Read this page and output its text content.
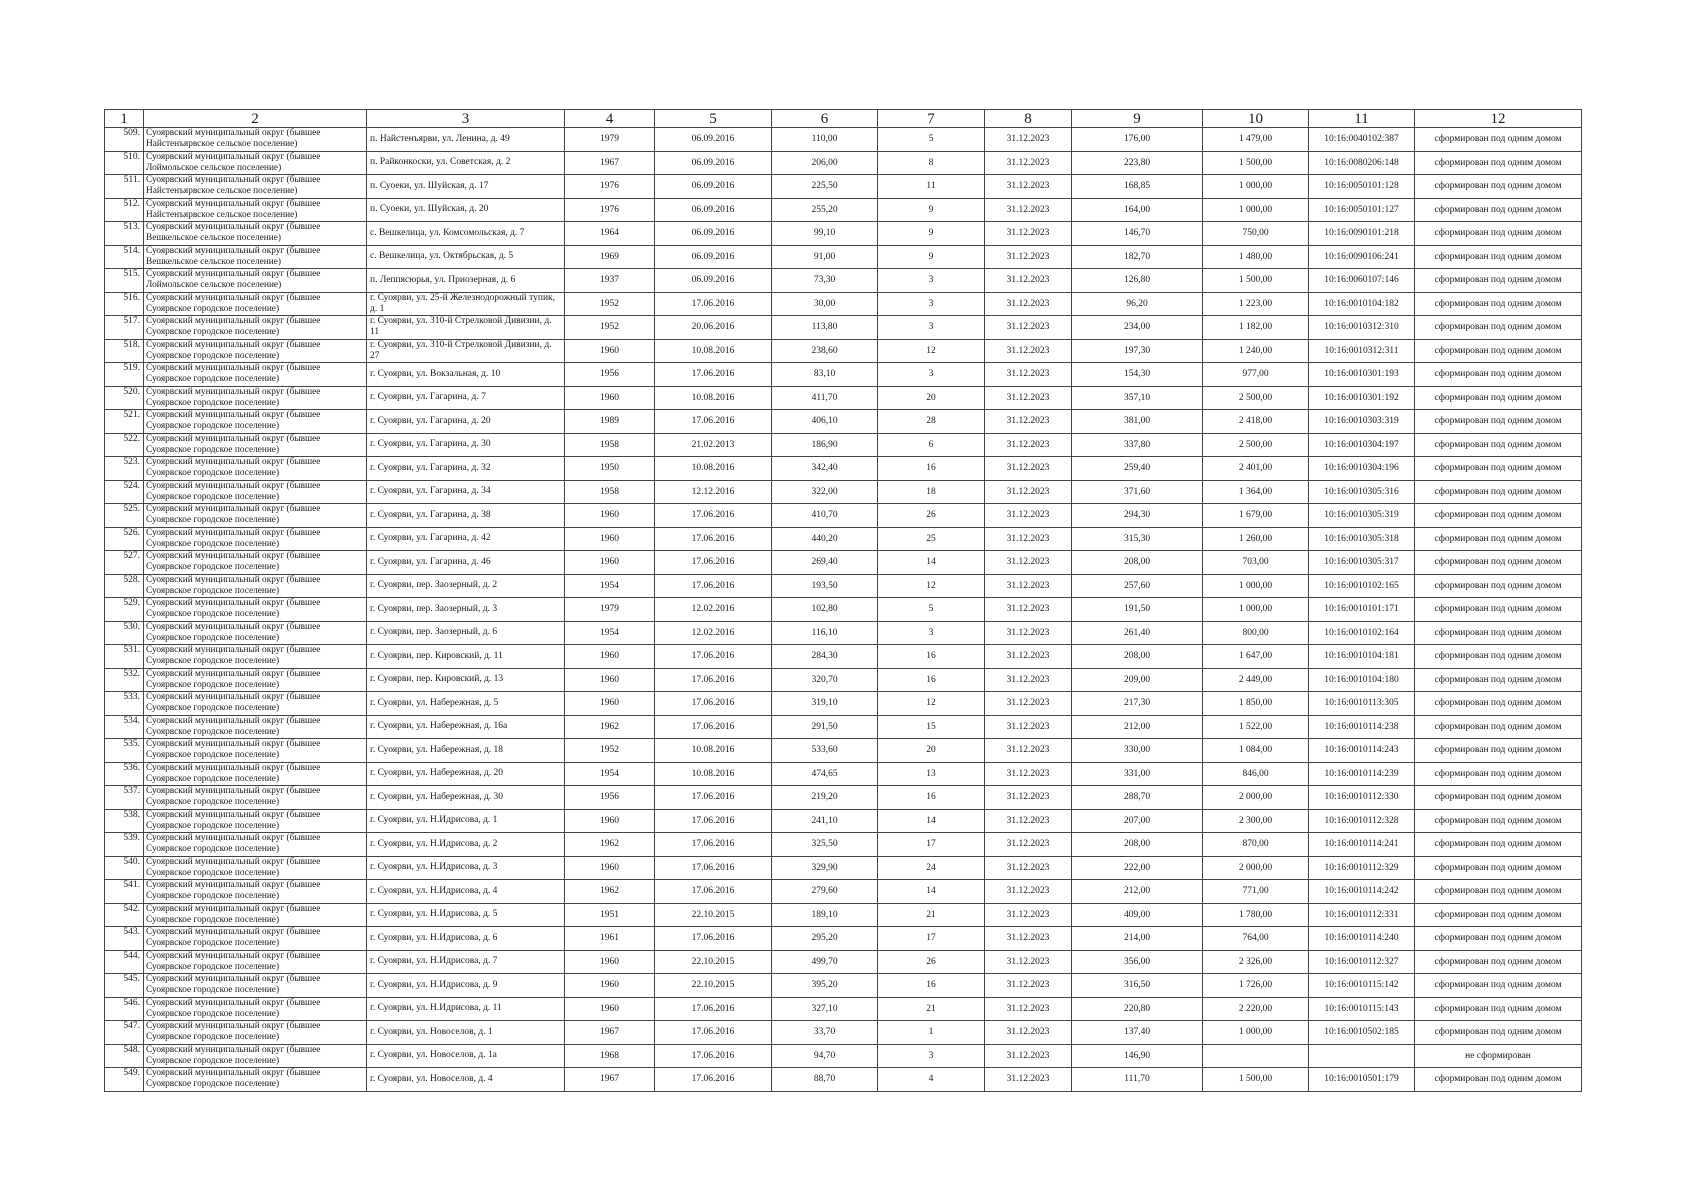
1	2	3	4	5	6	7	8	9	10	11	12
509.	Суоярвский муниципальный округ (бывшее Найстенъярвское сельское поселение)	п. Найстенъярви, ул. Ленина, д. 49	1979	06.09.2016	110,00	5	31.12.2023	176,00	1 479,00	10:16:0040102:387	сформирован под одним домом
510.	Суоярвский муниципальный округ (бывшее Лоймольское сельское поселение)	п. Райконкоски, ул. Советская, д. 2	1967	06.09.2016	206,00	8	31.12.2023	223,80	1 500,00	10:16:0080206:148	сформирован под одним домом
511.	Суоярвский муниципальный округ (бывшее Найстенъярвское сельское поселение)	п. Суоеки, ул. Шуйская, д. 17	1976	06.09.2016	225,50	11	31.12.2023	168,85	1 000,00	10:16:0050101:128	сформирован под одним домом
512.	Суоярвский муниципальный округ (бывшее Найстенъярвское сельское поселение)	п. Суоеки, ул. Шуйская, д. 20	1976	06.09.2016	255,20	9	31.12.2023	164,00	1 000,00	10:16:0050101:127	сформирован под одним домом
513.	Суоярвский муниципальный округ (бывшее Вешкельское сельское поселение)	с. Вешкелица, ул. Комсомольская, д. 7	1964	06.09.2016	99,10	9	31.12.2023	146,70	750,00	10:16:0090101:218	сформирован под одним домом
514.	Суоярвский муниципальный округ (бывшее Вешкельское сельское поселение)	с. Вешкелица, ул. Октябрьская, д. 5	1969	06.09.2016	91,00	9	31.12.2023	182,70	1 480,00	10:16:0090106:241	сформирован под одним домом
515.	Суоярвский муниципальный округ (бывшее Лоймольское сельское поселение)	п. Леппясюрья, ул. Приозерная, д. 6	1937	06.09.2016	73,30	3	31.12.2023	126,80	1 500,00	10:16:0060107:146	сформирован под одним домом
516.	Суоярвский муниципальный округ (бывшее Суоярвское городское поселение)	г. Суоярви, ул. 25-й Железнодорожный тупик, д. 1	1952	17.06.2016	30,00	3	31.12.2023	96,20	1 223,00	10:16:0010104:182	сформирован под одним домом
517.	Суоярвский муниципальный округ (бывшее Суоярвское городское поселение)	г. Суоярви, ул. 310-й Стрелковой Дивизии, д. 11	1952	20.06.2016	113,80	3	31.12.2023	234,00	1 182,00	10:16:0010312:310	сформирован под одним домом
518.	Суоярвский муниципальный округ (бывшее Суоярвское городское поселение)	г. Суоярви, ул. 310-й Стрелковой Дивизии, д. 27	1960	10.08.2016	238,60	12	31.12.2023	197,30	1 240,00	10:16:0010312:311	сформирован под одним домом
519.	Суоярвский муниципальный округ (бывшее Суоярвское городское поселение)	г. Суоярви, ул. Вокзальная, д. 10	1956	17.06.2016	83,10	3	31.12.2023	154,30	977,00	10:16:0010301:193	сформирован под одним домом
520.	Суоярвский муниципальный округ (бывшее Суоярвское городское поселение)	г. Суоярви, ул. Гагарина, д. 7	1960	10.08.2016	411,70	20	31.12.2023	357,10	2 500,00	10:16:0010301:192	сформирован под одним домом
521.	Суоярвский муниципальный округ (бывшее Суоярвское городское поселение)	г. Суоярви, ул. Гагарина, д. 20	1989	17.06.2016	406,10	28	31.12.2023	381,00	2 418,00	10:16:0010303:319	сформирован под одним домом
522.	Суоярвский муниципальный округ (бывшее Суоярвское городское поселение)	г. Суоярви, ул. Гагарина, д. 30	1958	21.02.2013	186,90	6	31.12.2023	337,80	2 500,00	10:16:0010304:197	сформирован под одним домом
523.	Суоярвский муниципальный округ (бывшее Суоярвское городское поселение)	г. Суоярви, ул. Гагарина, д. 32	1950	10.08.2016	342,40	16	31.12.2023	259,40	2 401,00	10:16:0010304:196	сформирован под одним домом
524.	Суоярвский муниципальный округ (бывшее Суоярвское городское поселение)	г. Суоярви, ул. Гагарина, д. 34	1958	12.12.2016	322,00	18	31.12.2023	371,60	1 364,00	10:16:0010305:316	сформирован под одним домом
525.	Суоярвский муниципальный округ (бывшее Суоярвское городское поселение)	г. Суоярви, ул. Гагарина, д. 38	1960	17.06.2016	410,70	26	31.12.2023	294,30	1 679,00	10:16:0010305:319	сформирован под одним домом
526.	Суоярвский муниципальный округ (бывшее Суоярвское городское поселение)	г. Суоярви, ул. Гагарина, д. 42	1960	17.06.2016	440,20	25	31.12.2023	315,30	1 260,00	10:16:0010305:318	сформирован под одним домом
527.	Суоярвский муниципальный округ (бывшее Суоярвское городское поселение)	г. Суоярви, ул. Гагарина, д. 46	1960	17.06.2016	269,40	14	31.12.2023	208,00	703,00	10:16:0010305:317	сформирован под одним домом
528.	Суоярвский муниципальный округ (бывшее Суоярвское городское поселение)	г. Суоярви, пер. Заозерный, д. 2	1954	17.06.2016	193,50	12	31.12.2023	257,60	1 000,00	10:16:0010102:165	сформирован под одним домом
529.	Суоярвский муниципальный округ (бывшее Суоярвское городское поселение)	г. Суоярви, пер. Заозерный, д. 3	1979	12.02.2016	102,80	5	31.12.2023	191,50	1 000,00	10:16:0010101:171	сформирован под одним домом
530.	Суоярвский муниципальный округ (бывшее Суоярвское городское поселение)	г. Суоярви, пер. Заозерный, д. 6	1954	12.02.2016	116,10	3	31.12.2023	261,40	800,00	10:16:0010102:164	сформирован под одним домом
531.	Суоярвский муниципальный округ (бывшее Суоярвское городское поселение)	г. Суоярви, пер. Кировский, д. 11	1960	17.06.2016	284,30	16	31.12.2023	208,00	1 647,00	10:16:0010104:181	сформирован под одним домом
532.	Суоярвский муниципальный округ (бывшее Суоярвское городское поселение)	г. Суоярви, пер. Кировский, д. 13	1960	17.06.2016	320,70	16	31.12.2023	209,00	2 449,00	10:16:0010104:180	сформирован под одним домом
533.	Суоярвский муниципальный округ (бывшее Суоярвское городское поселение)	г. Суоярви, ул. Набережная, д. 5	1960	17.06.2016	319,10	12	31.12.2023	217,30	1 850,00	10:16:0010113:305	сформирован под одним домом
534.	Суоярвский муниципальный округ (бывшее Суоярвское городское поселение)	г. Суоярви, ул. Набережная, д. 16а	1962	17.06.2016	291,50	15	31.12.2023	212,00	1 522,00	10:16:0010114:238	сформирован под одним домом
535.	Суоярвский муниципальный округ (бывшее Суоярвское городское поселение)	г. Суоярви, ул. Набережная, д. 18	1952	10.08.2016	533,60	20	31.12.2023	330,00	1 084,00	10:16:0010114:243	сформирован под одним домом
536.	Суоярвский муниципальный округ (бывшее Суоярвское городское поселение)	г. Суоярви, ул. Набережная, д. 20	1954	10.08.2016	474,65	13	31.12.2023	331,00	846,00	10:16:0010114:239	сформирован под одним домом
537.	Суоярвский муниципальный округ (бывшее Суоярвское городское поселение)	г. Суоярви, ул. Набережная, д. 30	1956	17.06.2016	219,20	16	31.12.2023	288,70	2 000,00	10:16:0010112:330	сформирован под одним домом
538.	Суоярвский муниципальный округ (бывшее Суоярвское городское поселение)	г. Суоярви, ул. Н.Идрисова, д. 1	1960	17.06.2016	241,10	14	31.12.2023	207,00	2 300,00	10:16:0010112:328	сформирован под одним домом
539.	Суоярвский муниципальный округ (бывшее Суоярвское городское поселение)	г. Суоярви, ул. Н.Идрисова, д. 2	1962	17.06.2016	325,50	17	31.12.2023	208,00	870,00	10:16:0010114:241	сформирован под одним домом
540.	Суоярвский муниципальный округ (бывшее Суоярвское городское поселение)	г. Суоярви, ул. Н.Идрисова, д. 3	1960	17.06.2016	329,90	24	31.12.2023	222,00	2 000,00	10:16:0010112:329	сформирован под одним домом
541.	Суоярвский муниципальный округ (бывшее Суоярвское городское поселение)	г. Суоярви, ул. Н.Идрисова, д. 4	1962	17.06.2016	279,60	14	31.12.2023	212,00	771,00	10:16:0010114:242	сформирован под одним домом
542.	Суоярвский муниципальный округ (бывшее Суоярвское городское поселение)	г. Суоярви, ул. Н.Идрисова, д. 5	1951	22.10.2015	189,10	21	31.12.2023	409,00	1 780,00	10:16:0010112:331	сформирован под одним домом
543.	Суоярвский муниципальный округ (бывшее Суоярвское городское поселение)	г. Суоярви, ул. Н.Идрисова, д. 6	1961	17.06.2016	295,20	17	31.12.2023	214,00	764,00	10:16:0010114:240	сформирован под одним домом
544.	Суоярвский муниципальный округ (бывшее Суоярвское городское поселение)	г. Суоярви, ул. Н.Идрисова, д. 7	1960	22.10.2015	499,70	26	31.12.2023	356,00	2 326,00	10:16:0010112:327	сформирован под одним домом
545.	Суоярвский муниципальный округ (бывшее Суоярвское городское поселение)	г. Суоярви, ул. Н.Идрисова, д. 9	1960	22.10.2015	395,20	16	31.12.2023	316,50	1 726,00	10:16:0010115:142	сформирован под одним домом
546.	Суоярвский муниципальный округ (бывшее Суоярвское городское поселение)	г. Суоярви, ул. Н.Идрисова, д. 11	1960	17.06.2016	327,10	21	31.12.2023	220,80	2 220,00	10:16:0010115:143	сформирован под одним домом
547.	Суоярвский муниципальный округ (бывшее Суоярвское городское поселение)	г. Суоярви, ул. Новоселов, д. 1	1967	17.06.2016	33,70	1	31.12.2023	137,40	1 000,00	10:16:0010502:185	сформирован под одним домом
548.	Суоярвский муниципальный округ (бывшее Суоярвское городское поселение)	г. Суоярви, ул. Новоселов, д. 1а	1968	17.06.2016	94,70	3	31.12.2023	146,90			не сформирован
549.	Суоярвский муниципальный округ (бывшее Суоярвское городское поселение)	г. Суоярви, ул. Новоселов, д. 4	1967	17.06.2016	88,70	4	31.12.2023	111,70	1 500,00	10:16:0010501:179	сформирован под одним домом
